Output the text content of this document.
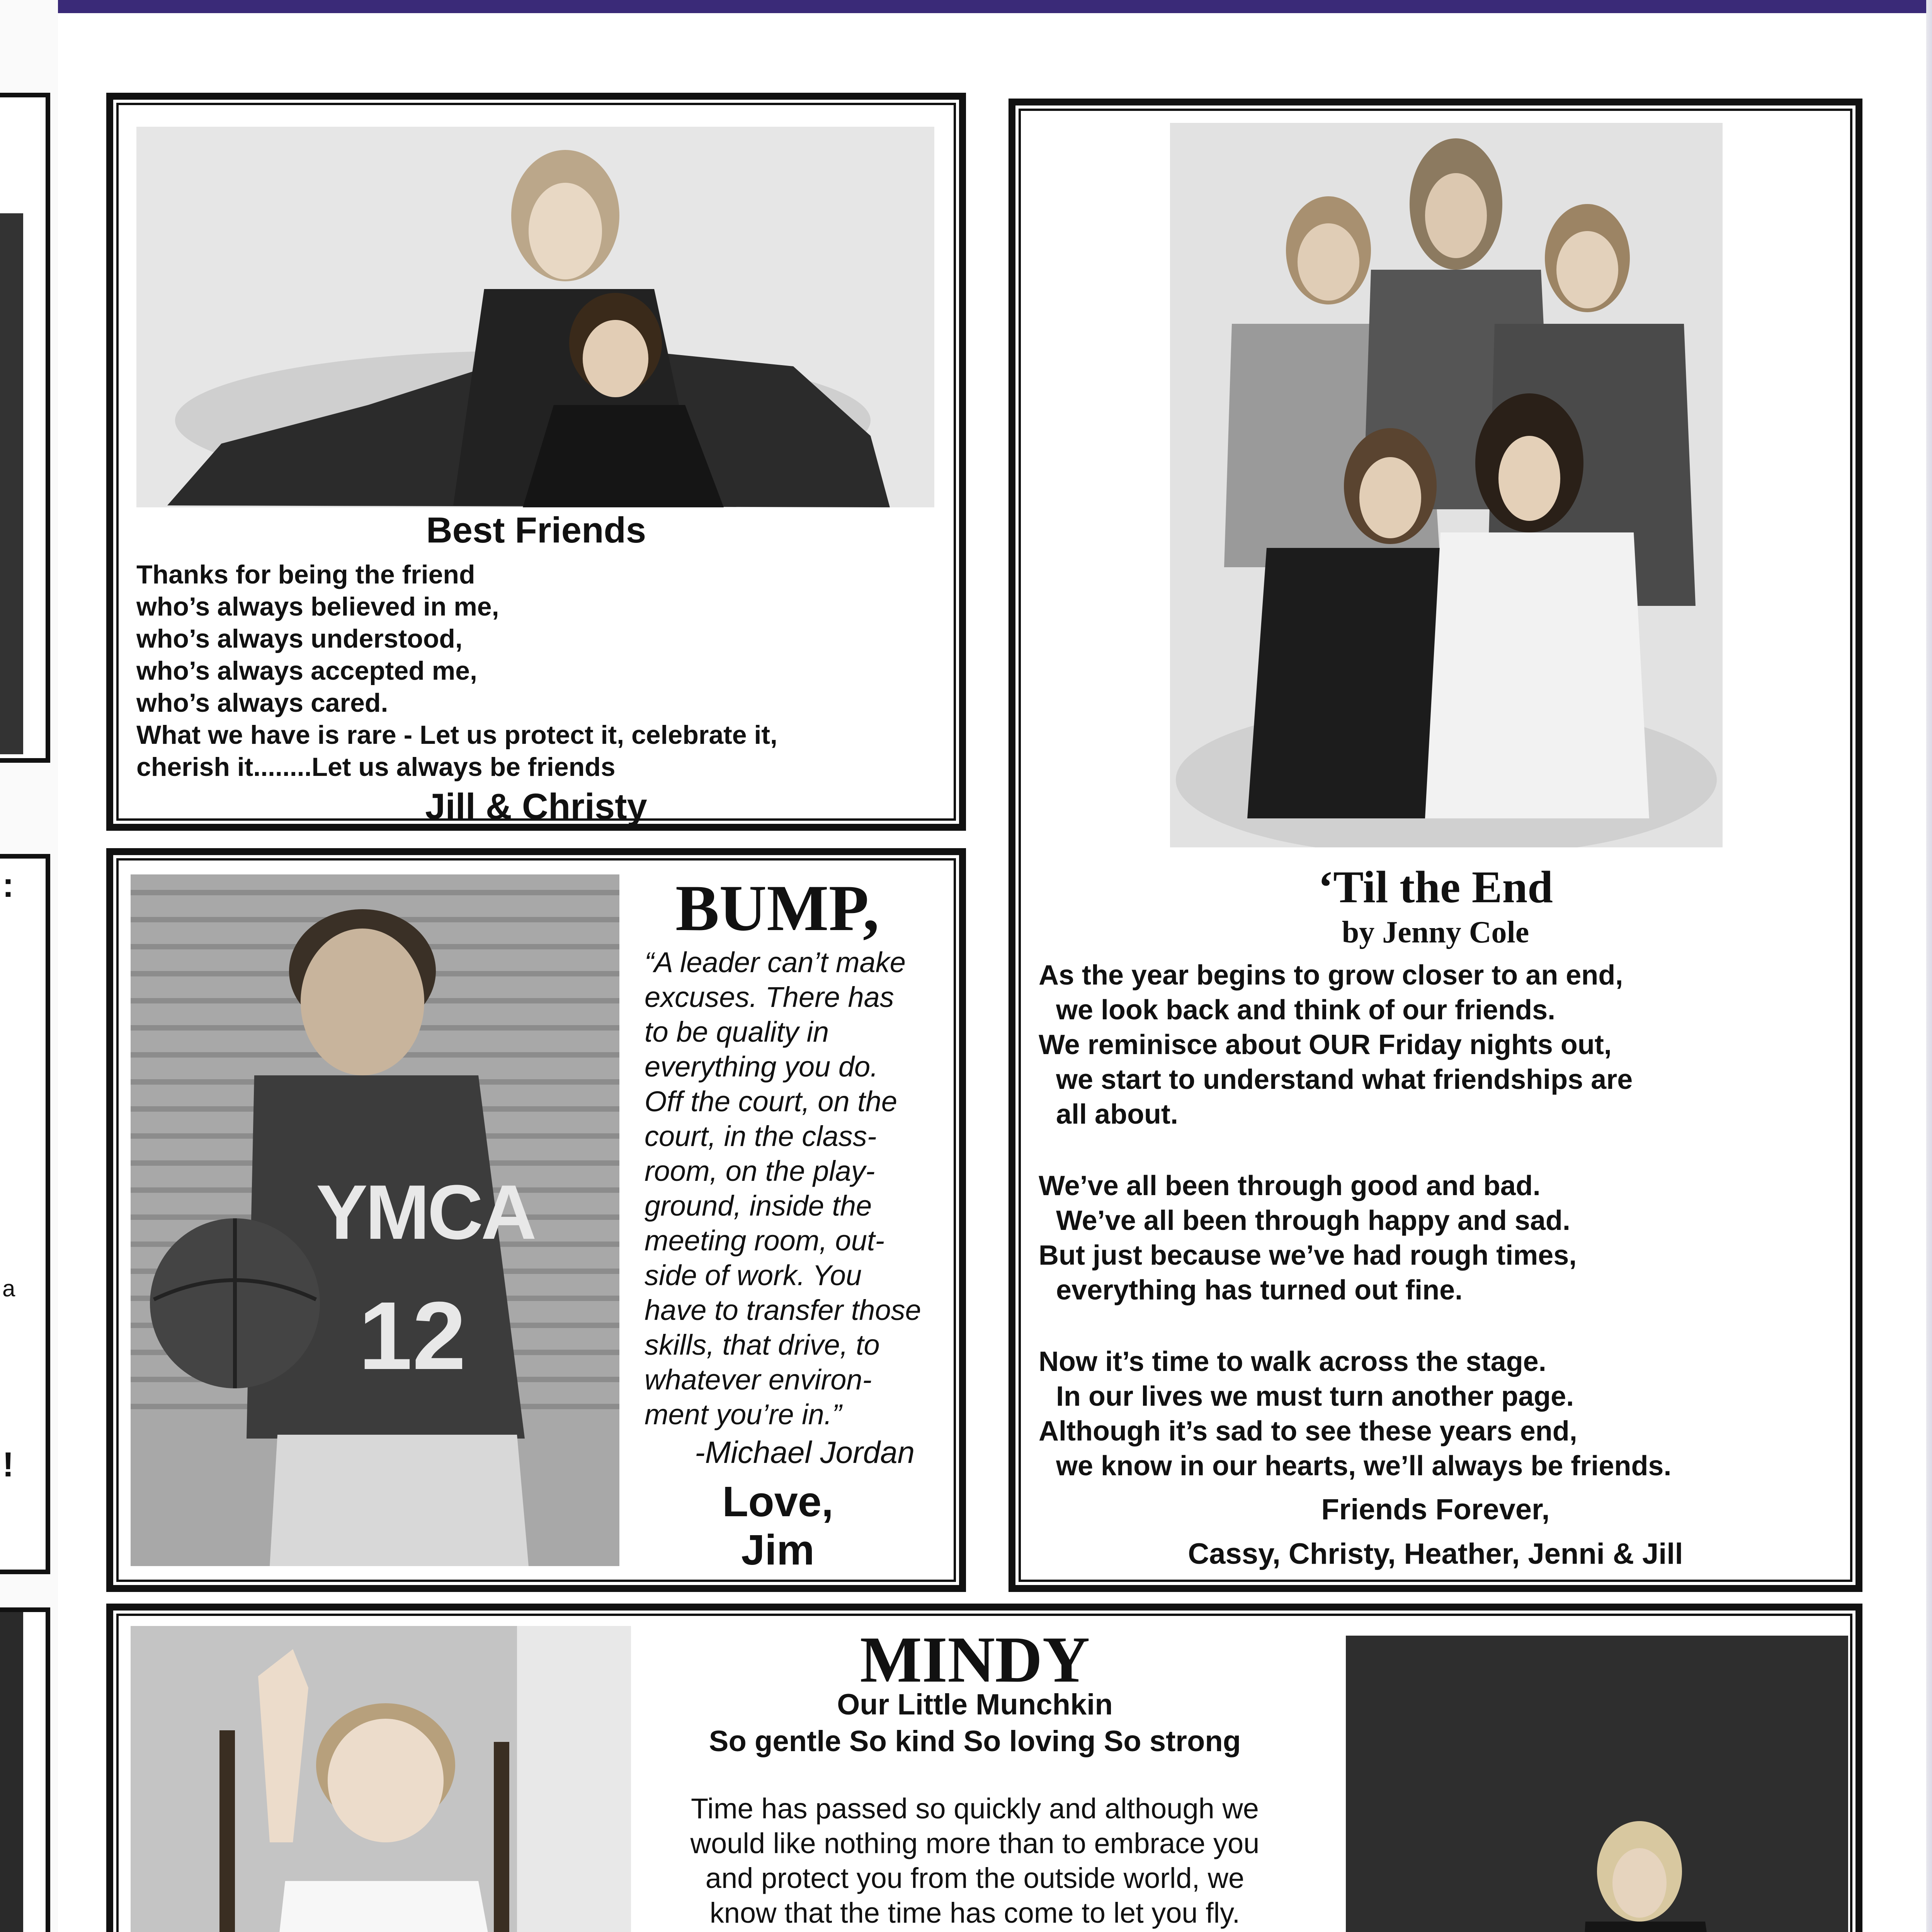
:
a
!
Best Friends
Thanks for being the friend
who’s always believed in me,
who’s always understood,
who’s always accepted me,
who’s always cared.
What we have is rare - Let us protect it, celebrate it,
cherish it........Let us always be friends
Jill & Christy
‘Til the End
by Jenny Cole
As the year begins to grow closer to an end,
we look back and think of our friends.
We reminisce about OUR Friday nights out,
we start to understand what friendships are
all about.
We’ve all been through good and bad.
We’ve all been through happy and sad.
But just because we’ve had rough times,
everything has turned out fine.
Now it’s time to walk across the stage.
In our lives we must turn another page.
Although it’s sad to see these years end,
we know in our hearts, we’ll always be friends.
Friends Forever,
Cassy, Christy, Heather, Jenni & Jill
YMCA
12
BUMP,
“A leader can’t make
excuses. There has
to be quality in
everything you do.
Off the court, on the
court, in the class-
room, on the play-
ground, inside the
meeting room, out-
side of work. You
have to transfer those
skills, that drive, to
whatever environ-
ment you’re in.”
-Michael Jordan
Love,
Jim
MINDY
Our Little Munchkin
So gentle So kind So loving So strong
Time has passed so quickly and although we
would like nothing more than to embrace you
and protect you from the outside world, we
know that the time has come to let you fly.
